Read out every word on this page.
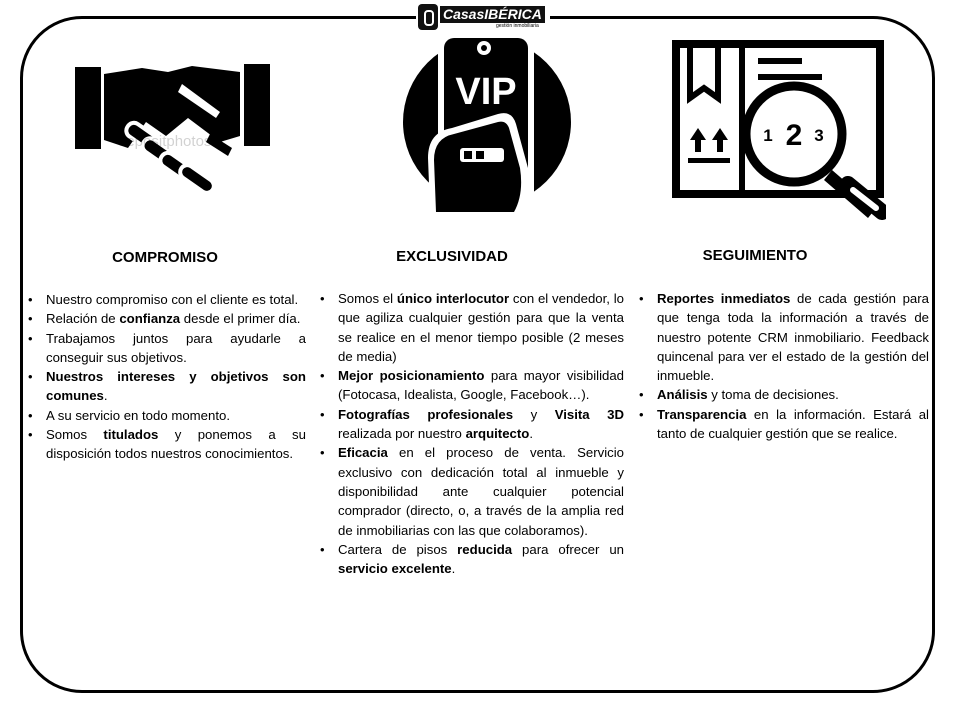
CasasIBÉRICA
gestión inmobiliaria
depositphotos
VIP
1 2 3
COMPROMISO	EXCLUSIVIDAD	SEGUIMIENTO
• Nuestro compromiso con el cliente es total.
• Relación de confianza desde el primer día.
• Trabajamos juntos para ayudarle a conseguir sus objetivos.
• Nuestros intereses y objetivos son comunes.
• A su servicio en todo momento.
• Somos titulados y ponemos a su disposición todos nuestros conocimientos.
• Somos el único interlocutor con el vendedor, lo que agiliza cualquier gestión para que la venta se realice en el menor tiempo posible (2 meses de media)
• Mejor posicionamiento para mayor visibilidad (Fotocasa, Idealista, Google, Facebook…).
• Fotografías profesionales y Visita 3D realizada por nuestro arquitecto.
• Eficacia en el proceso de venta. Servicio exclusivo con dedicación total al inmueble y disponibilidad ante cualquier potencial comprador (directo, o, a través de la amplia red de inmobiliarias con las que colaboramos).
• Cartera de pisos reducida para ofrecer un servicio excelente.
• Reportes inmediatos de cada gestión para que tenga toda la información a través de nuestro potente CRM inmobiliario. Feedback quincenal para ver el estado de la gestión del inmueble.
• Análisis y toma de decisiones.
• Transparencia en la información. Estará al tanto de cualquier gestión que se realice.
